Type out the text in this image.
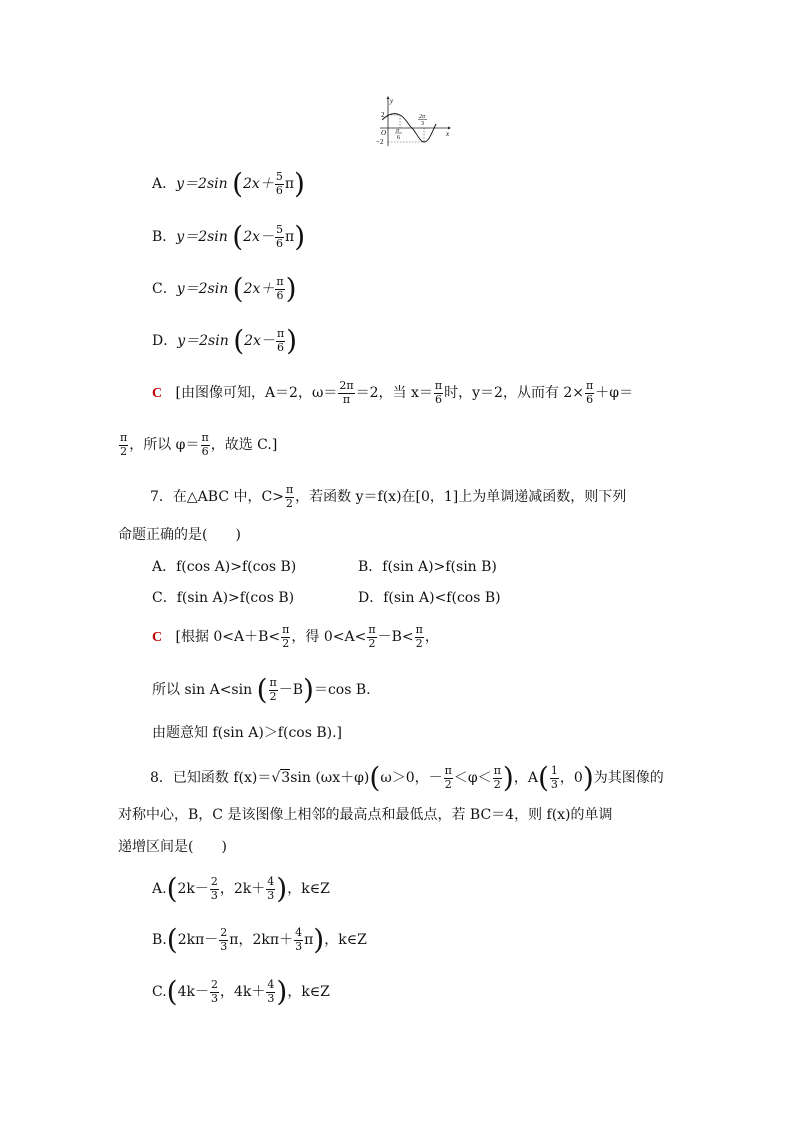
y
x
O
2
−2
π
6
2π
3
A．y＝2sin $(2x+ \frac{5}{6} \pi)$
B．y＝2sin $(2x- \frac{5}{6} \pi)$
C．y＝2sin ($2x+ \frac{\pi}{6}$ )
D．y＝2sin ($2x- \frac{\pi}{6}$ )
C [由图像可知，A＝2，$\omega= \frac{2\pi}{\pi} =2$，当 $x= \frac{\pi}{6}$ 时，y＝2，从而有 $2\times \frac{\pi}{6} +\varphi=$
$\frac{\pi}{2}$ ，所以 $\varphi= \frac{\pi}{6}$ ，故选 C.]
7．在△ABC 中，$C> \frac{\pi}{2}$ ，若函数 y＝f(x)在[0，1]上为单调递减函数，则下列
命题正确的是(　　)
A．f(cos A)>f(cos B)	B．f(sin A)>f(sin B)
C．f(sin A)>f(cos B)	D．f(sin A)<f(cos B)
C [根据 $0<A+B< \frac{\pi}{2}$ ，得 $0<A< \frac{\pi}{2} -B< \frac{\pi}{2}$ ，
所以 sin A<sin ( $\frac{\pi}{2} -B)=\cos$ B.
由题意知 f(sin A)＞f(cos B).]
8．已知函数 f(x)＝√3sin (ωx＋φ)(ω＞0，－ $\frac{\pi}{2} <\varphi< \frac{\pi}{2}$ )，$A( \frac{1}{3}$ ，0)为其图像的
对称中心，B，C 是该图像上相邻的最高点和最低点，若 BC＝4，则 f(x)的单调
递增区间是(　　)
$A.(2k- \frac{2}{3}$ ，$2k+ \frac{4}{3}$ )，k∈Z
$B.(2k\pi- \frac{2}{3}$ π，$2k\pi+ \frac{4}{3} \pi$)，k∈Z
$C.(4k- \frac{2}{3}$ ，$4k+ \frac{4}{3}$ )，k∈Z
